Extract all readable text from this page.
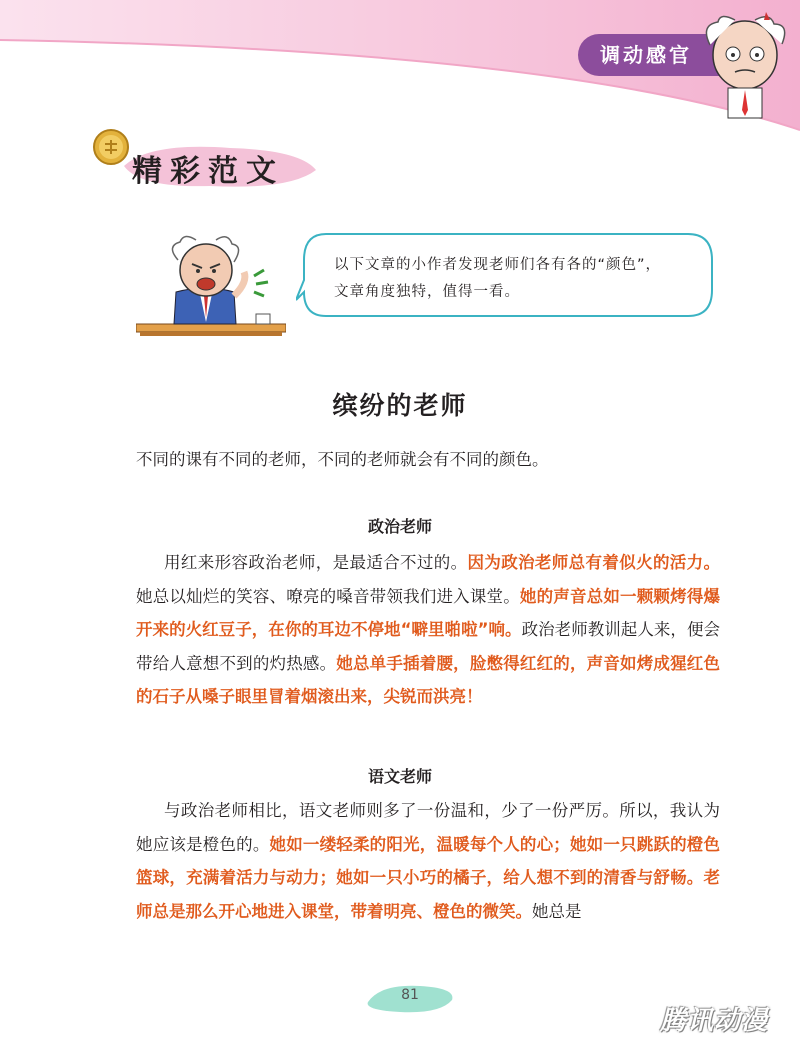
调动感官
精彩范文
以下文章的小作者发现老师们各有各的“颜色”，
文章角度独特，值得一看。
缤纷的老师
不同的课有不同的老师，不同的老师就会有不同的颜色。
政治老师
用红来形容政治老师，是最适合不过的。因为政治老师总有着似火的活力。她总以灿烂的笑容、嘹亮的嗓音带领我们进入课堂。她的声音总如一颗颗烤得爆开来的火红豆子，在你的耳边不停地“噼里啪啦”响。政治老师教训起人来，便会带给人意想不到的灼热感。她总单手插着腰，脸憋得红红的，声音如烤成猩红色的石子从嗓子眼里冒着烟滚出来，尖锐而洪亮！
语文老师
与政治老师相比，语文老师则多了一份温和，少了一份严厉。所以，我认为她应该是橙色的。她如一缕轻柔的阳光，温暖每个人的心；她如一只跳跃的橙色篮球，充满着活力与动力；她如一只小巧的橘子，给人想不到的清香与舒畅。老师总是那么开心地进入课堂，带着明亮、橙色的微笑。她总是
81
腾讯动漫
